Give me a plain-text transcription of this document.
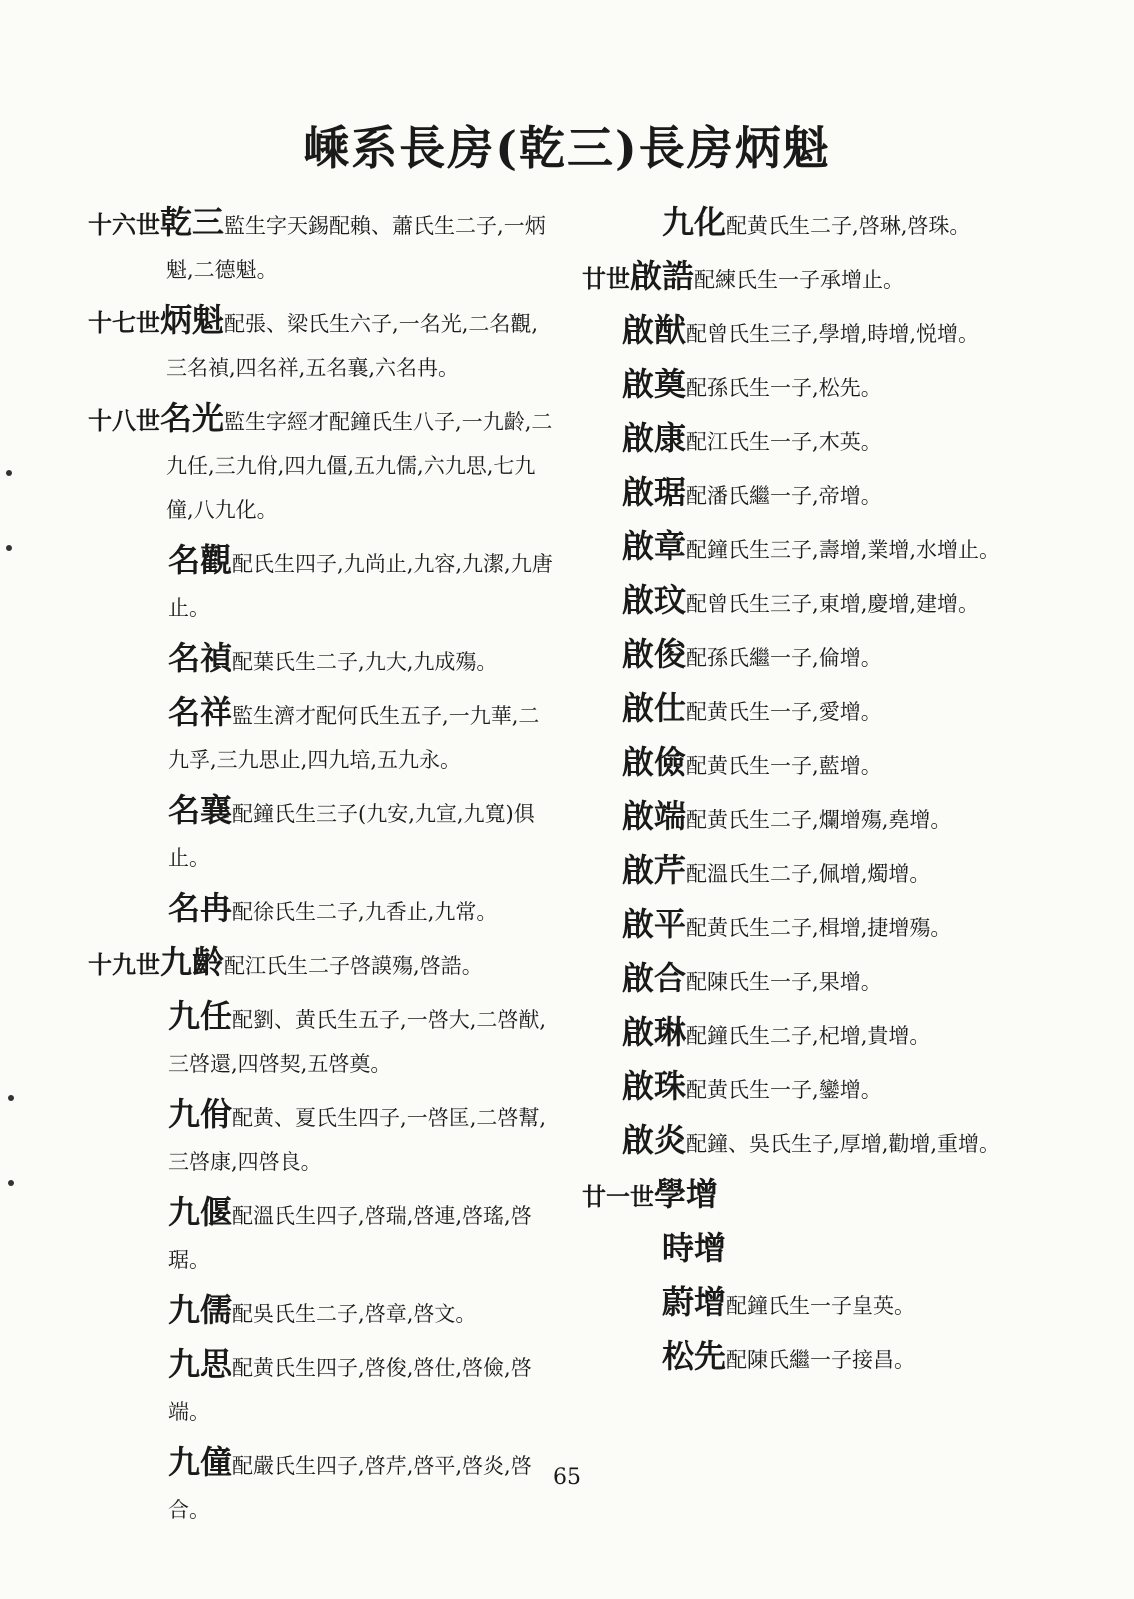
嵊系長房(乾三)長房炳魁
十六世乾三監生字天錫配賴、蕭氏生二子,一炳魁,二德魁。
十七世炳魁配張、梁氏生六子,一名光,二名觀,三名禎,四名祥,五名襄,六名冉。
十八世名光監生字經才配鐘氏生八子,一九齡,二九任,三九佾,四九僵,五九儒,六九思,七九僮,八九化。
名觀配氏生四子,九尚止,九容,九潔,九唐止。
名禎配葉氏生二子,九大,九成殤。
名祥監生濟才配何氏生五子,一九華,二九孚,三九思止,四九培,五九永。
名襄配鐘氏生三子(九安,九宣,九寬)俱止。
名冉配徐氏生二子,九香止,九常。
十九世九齡配江氏生二子啓謨殤,啓誥。
九任配劉、黄氏生五子,一啓大,二啓猷,三啓還,四啓契,五啓奠。
九佾配黄、夏氏生四子,一啓匡,二啓幫,三啓康,四啓良。
九偃配溫氏生四子,啓瑞,啓連,啓瑤,啓琚。
九儒配吳氏生二子,啓章,啓文。
九思配黄氏生四子,啓俊,啓仕,啓儉,啓端。
九僮配嚴氏生四子,啓芹,啓平,啓炎,啓合。
九化配黄氏生二子,啓琳,啓珠。
廿世啟誥配練氏生一子承增止。
啟猷配曾氏生三子,學增,時增,悦增。
啟奠配孫氏生一子,松先。
啟康配江氏生一子,木英。
啟琚配潘氏繼一子,帝增。
啟章配鐘氏生三子,壽增,業增,水增止。
啟玟配曾氏生三子,東增,慶增,建增。
啟俊配孫氏繼一子,倫增。
啟仕配黄氏生一子,愛增。
啟儉配黄氏生一子,藍增。
啟端配黄氏生二子,爛增殤,堯增。
啟芹配溫氏生二子,佩增,燭增。
啟平配黄氏生二子,楫增,捷增殤。
啟合配陳氏生一子,果增。
啟琳配鐘氏生二子,杞增,貴增。
啟珠配黄氏生一子,鑾增。
啟炎配鐘、吳氏生子,厚增,勸增,重增。
廿一世學增
時增
蔚增配鐘氏生一子皇英。
松先配陳氏繼一子接昌。
65
